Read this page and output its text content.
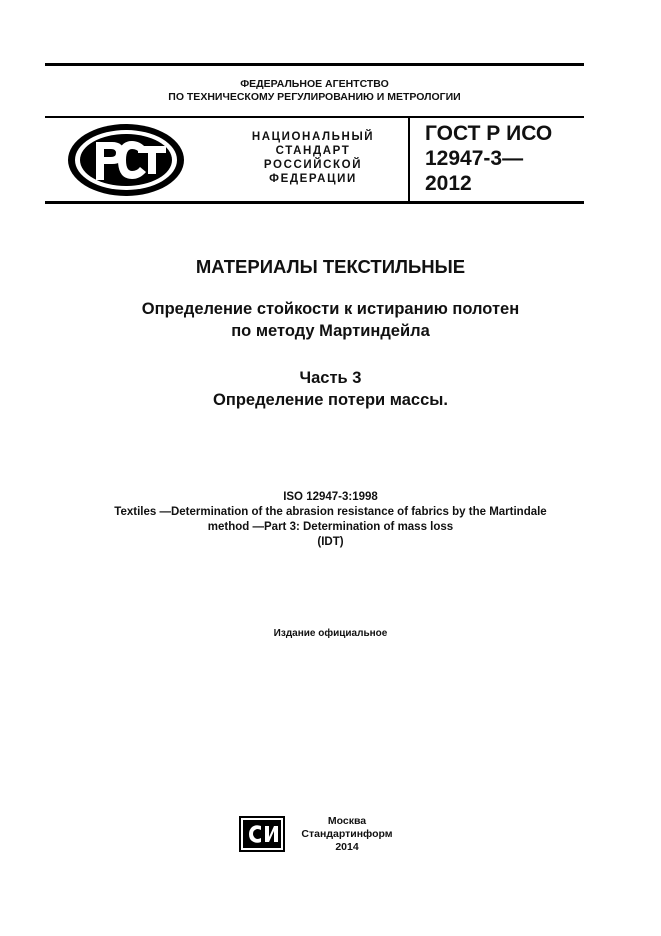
ФЕДЕРАЛЬНОЕ АГЕНТСТВО
ПО ТЕХНИЧЕСКОМУ РЕГУЛИРОВАНИЮ И МЕТРОЛОГИИ
НАЦИОНАЛЬНЫЙ
СТАНДАРТ
РОССИЙСКОЙ
ФЕДЕРАЦИИ
ГОСТ Р ИСО
12947-3—
2012
МАТЕРИАЛЫ ТЕКСТИЛЬНЫЕ
Определение стойкости к истиранию полотен
по методу Мартиндейла
Часть 3
Определение потери массы.
ISO 12947-3:1998
Textiles —Determination of the abrasion resistance of fabrics by the Martindale
method —Part 3: Determination of mass loss
(IDT)
Издание официальное
Москва
Стандартинформ
2014
